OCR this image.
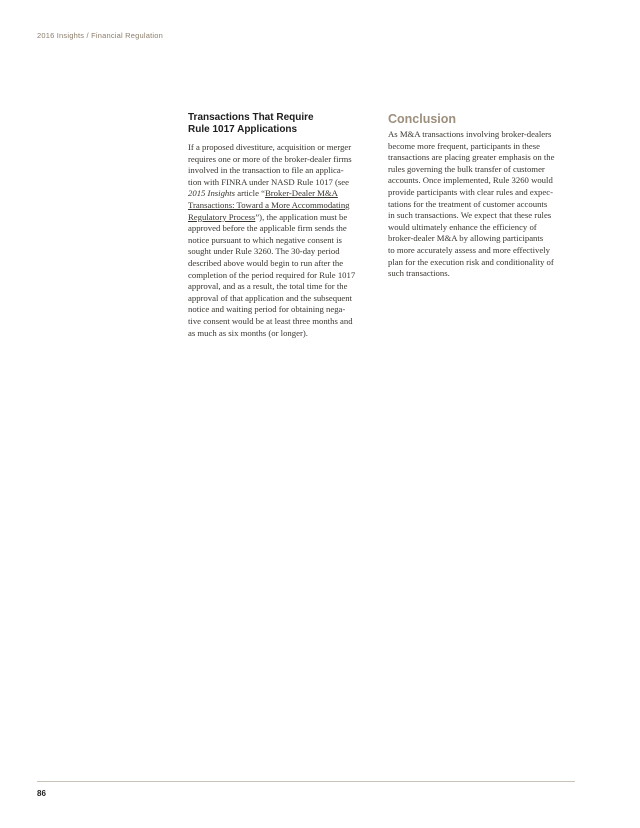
2016 Insights / Financial Regulation
Transactions That Require
Rule 1017 Applications
If a proposed divestiture, acquisition or merger
requires one or more of the broker-dealer firms
involved in the transaction to file an applica-
tion with FINRA under NASD Rule 1017 (see
2015 Insights article “Broker-Dealer M&A
Transactions: Toward a More Accommodating
Regulatory Process”), the application must be
approved before the applicable firm sends the
notice pursuant to which negative consent is
sought under Rule 3260. The 30-day period
described above would begin to run after the
completion of the period required for Rule 1017
approval, and as a result, the total time for the
approval of that application and the subsequent
notice and waiting period for obtaining nega-
tive consent would be at least three months and
as much as six months (or longer).
Conclusion
As M&A transactions involving broker-dealers
become more frequent, participants in these
transactions are placing greater emphasis on the
rules governing the bulk transfer of customer
accounts. Once implemented, Rule 3260 would
provide participants with clear rules and expec-
tations for the treatment of customer accounts
in such transactions. We expect that these rules
would ultimately enhance the efficiency of
broker-dealer M&A by allowing participants
to more accurately assess and more effectively
plan for the execution risk and conditionality of
such transactions.
86
